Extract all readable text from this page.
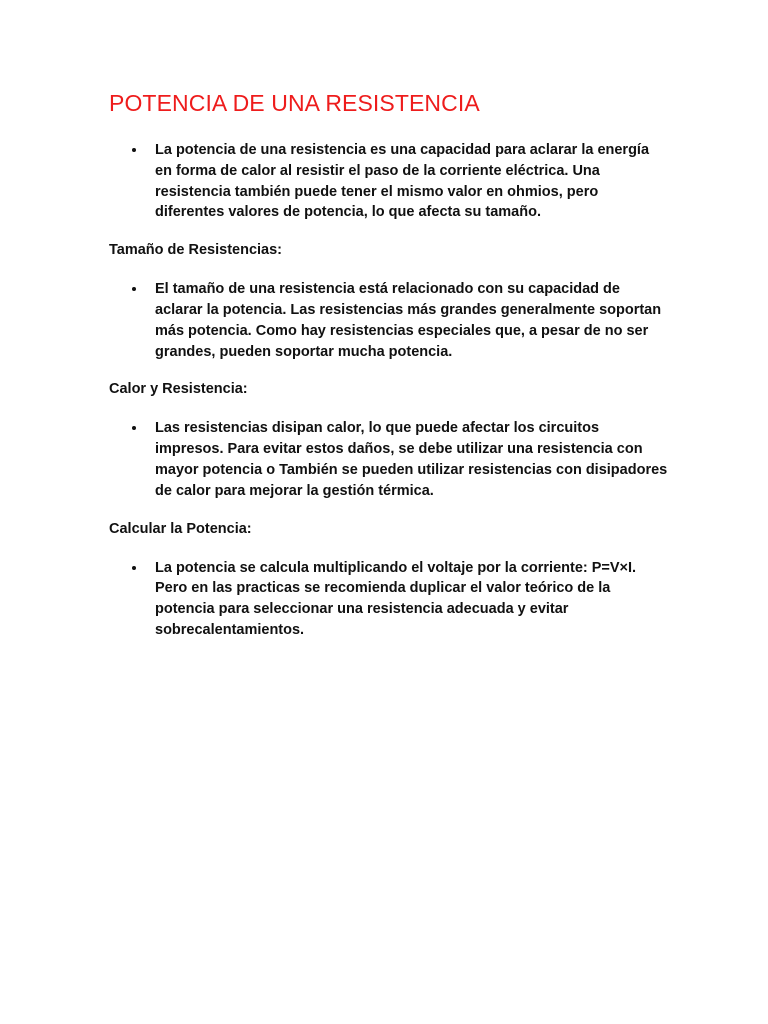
POTENCIA DE UNA RESISTENCIA
La potencia de una resistencia es una capacidad para aclarar la energía en forma de calor al resistir el paso de la corriente eléctrica. Una resistencia también puede tener el mismo valor en ohmios, pero diferentes valores de potencia, lo que afecta su tamaño.
Tamaño de Resistencias:
El tamaño de una resistencia está relacionado con su capacidad de aclarar la potencia. Las resistencias más grandes generalmente soportan más potencia. Como hay resistencias especiales que, a pesar de no ser grandes, pueden soportar mucha potencia.
Calor y Resistencia:
Las resistencias disipan calor, lo que puede afectar los circuitos impresos. Para evitar estos daños, se debe utilizar una resistencia con mayor potencia o También se pueden utilizar resistencias con disipadores de calor para mejorar la gestión térmica.
Calcular la Potencia:
La potencia se calcula multiplicando el voltaje por la corriente: P=V×I. Pero en las practicas se recomienda duplicar el valor teórico de la potencia para seleccionar una resistencia adecuada y evitar sobrecalentamientos.
